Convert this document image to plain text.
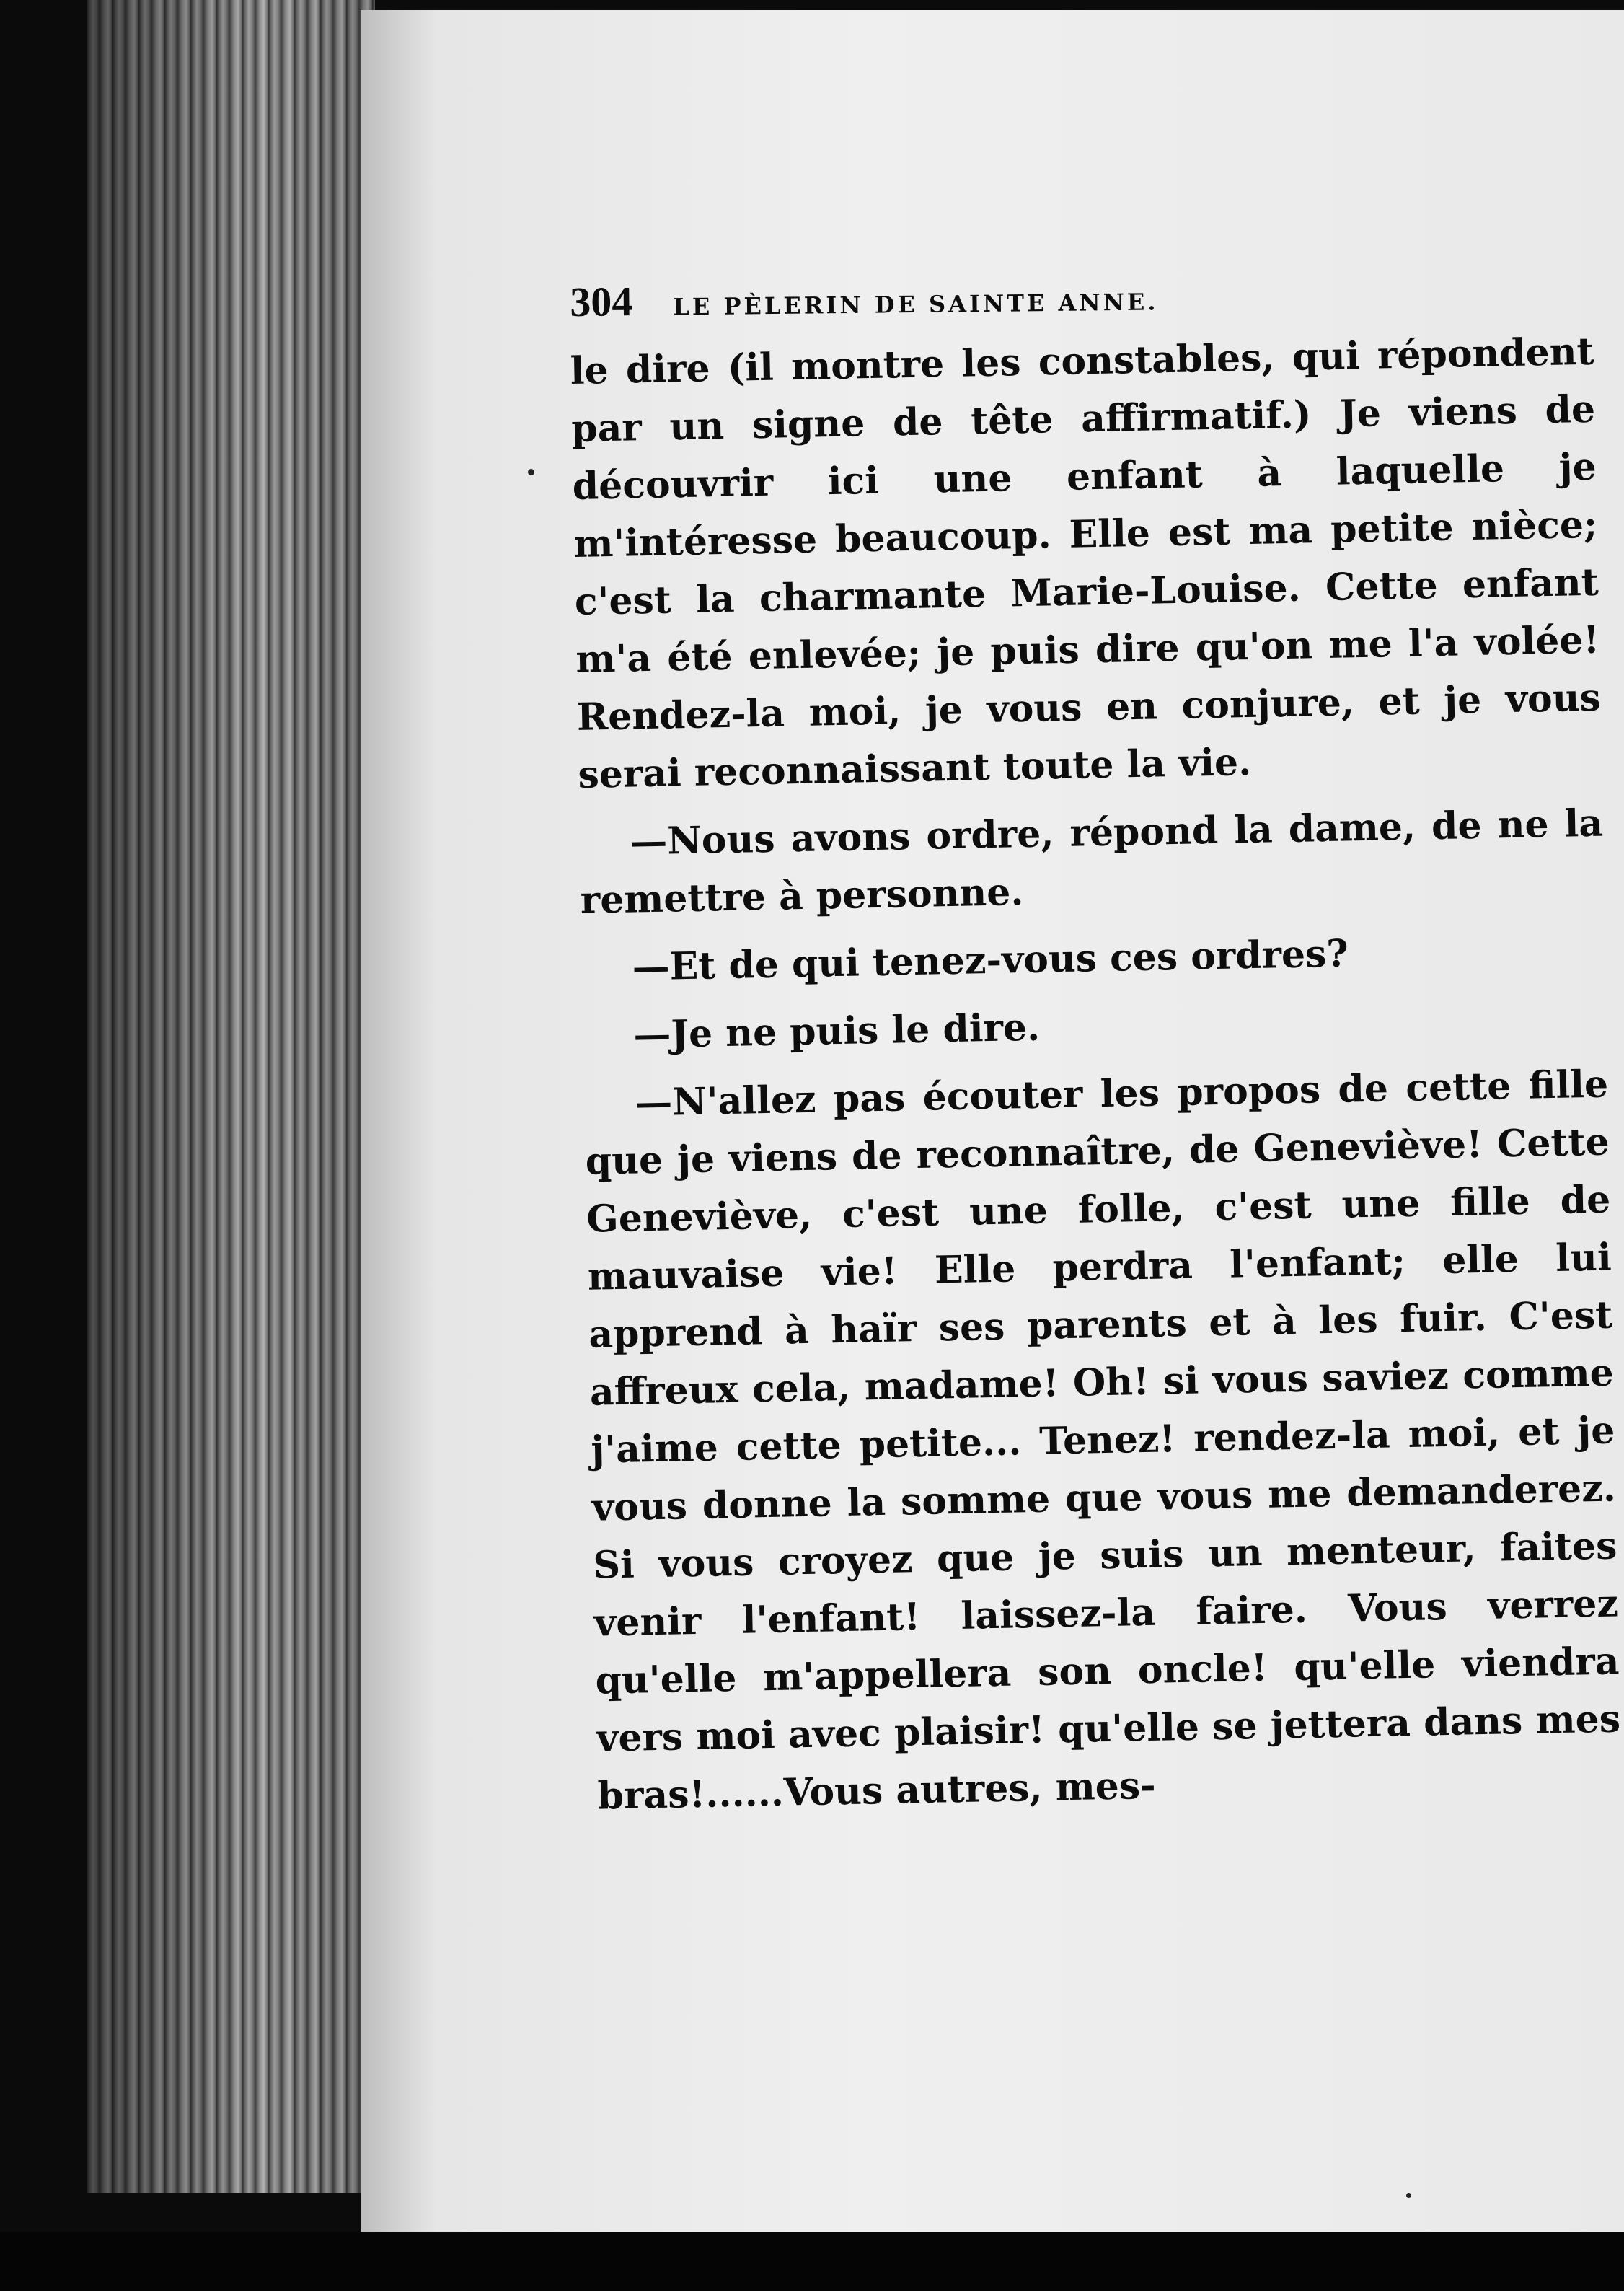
304 LE PÈLERIN DE SAINTE ANNE.

le dire (il montre les constables, qui répondent par un signe de tête affirmatif.) Je viens de découvrir ici une enfant à laquelle je m'intéresse beaucoup. Elle est ma petite nièce; c'est la charmante Marie-Louise. Cette enfant m'a été enlevée; je puis dire qu'on me l'a volée! Rendez-la moi, je vous en conjure, et je vous serai reconnaissant toute la vie.

—Nous avons ordre, répond la dame, de ne la remettre à personne.

—Et de qui tenez-vous ces ordres?

—Je ne puis le dire.

—N'allez pas écouter les propos de cette fille que je viens de reconnaître, de Geneviève! Cette Geneviève, c'est une folle, c'est une fille de mauvaise vie! Elle perdra l'enfant; elle lui apprend à haïr ses parents et à les fuir. C'est affreux cela, madame! Oh! si vous saviez comme j'aime cette petite... Tenez! rendez-la moi, et je vous donne la somme que vous me demanderez. Si vous croyez que je suis un menteur, faites venir l'enfant! laissez-la faire. Vous verrez qu'elle m'appellera son oncle! qu'elle viendra vers moi avec plaisir! qu'elle se jettera dans mes bras!......Vous autres, mes-
